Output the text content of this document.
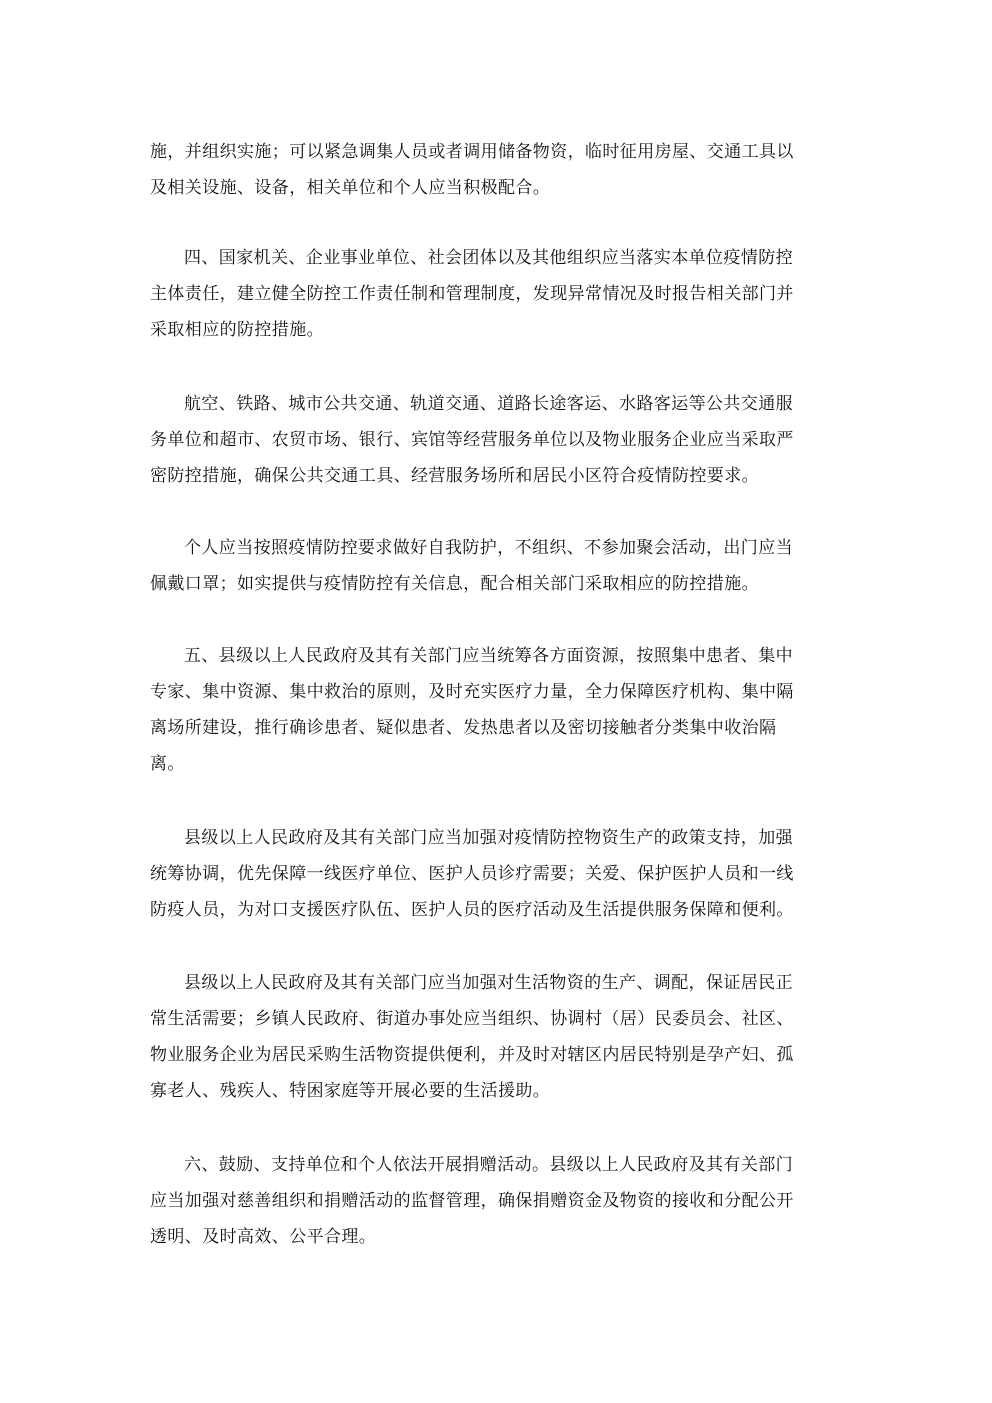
施，并组织实施；可以紧急调集人员或者调用储备物资，临时征用房屋、交通工具以
及相关设施、设备，相关单位和个人应当积极配合。
四、国家机关、企业事业单位、社会团体以及其他组织应当落实本单位疫情防控
主体责任，建立健全防控工作责任制和管理制度，发现异常情况及时报告相关部门并
采取相应的防控措施。
航空、铁路、城市公共交通、轨道交通、道路长途客运、水路客运等公共交通服
务单位和超市、农贸市场、银行、宾馆等经营服务单位以及物业服务企业应当采取严
密防控措施，确保公共交通工具、经营服务场所和居民小区符合疫情防控要求。
个人应当按照疫情防控要求做好自我防护，不组织、不参加聚会活动，出门应当
佩戴口罩；如实提供与疫情防控有关信息，配合相关部门采取相应的防控措施。
五、县级以上人民政府及其有关部门应当统筹各方面资源，按照集中患者、集中
专家、集中资源、集中救治的原则，及时充实医疗力量，全力保障医疗机构、集中隔
离场所建设，推行确诊患者、疑似患者、发热患者以及密切接触者分类集中收治隔
离。
县级以上人民政府及其有关部门应当加强对疫情防控物资生产的政策支持，加强
统筹协调，优先保障一线医疗单位、医护人员诊疗需要；关爱、保护医护人员和一线
防疫人员，为对口支援医疗队伍、医护人员的医疗活动及生活提供服务保障和便利。
县级以上人民政府及其有关部门应当加强对生活物资的生产、调配，保证居民正
常生活需要；乡镇人民政府、街道办事处应当组织、协调村（居）民委员会、社区、
物业服务企业为居民采购生活物资提供便利，并及时对辖区内居民特别是孕产妇、孤
寡老人、残疾人、特困家庭等开展必要的生活援助。
六、鼓励、支持单位和个人依法开展捐赠活动。县级以上人民政府及其有关部门
应当加强对慈善组织和捐赠活动的监督管理，确保捐赠资金及物资的接收和分配公开
透明、及时高效、公平合理。
